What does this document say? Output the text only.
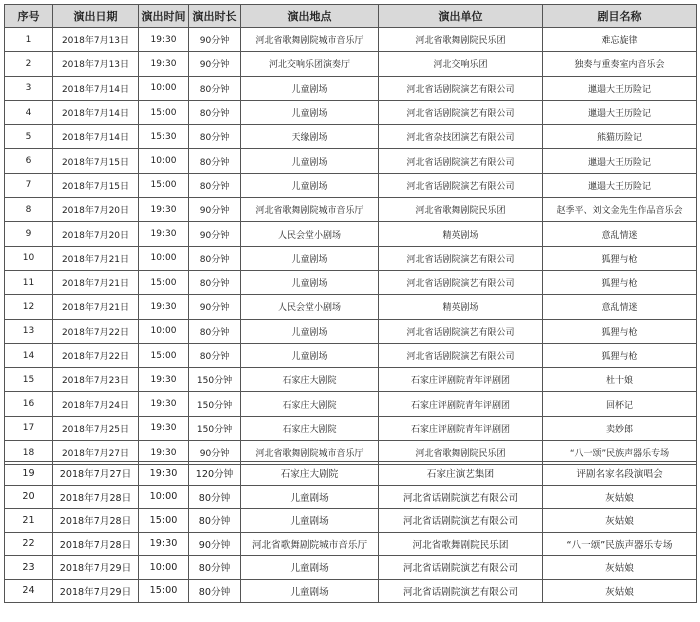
序号	演出日期	演出时间	演出时长	演出地点	演出单位	剧目名称
1	2018年7月13日	19:30	90分钟	河北省歌舞剧院城市音乐厅	河北省歌舞剧院民乐团	难忘旋律
2	2018年7月13日	19:30	90分钟	河北交响乐团演奏厅	河北交响乐团	独奏与重奏室内音乐会
3	2018年7月14日	10:00	80分钟	儿童剧场	河北省话剧院演艺有限公司	邋遢大王历险记
4	2018年7月14日	15:00	80分钟	儿童剧场	河北省话剧院演艺有限公司	邋遢大王历险记
5	2018年7月14日	15:30	80分钟	天缘剧场	河北省杂技团演艺有限公司	熊猫历险记
6	2018年7月15日	10:00	80分钟	儿童剧场	河北省话剧院演艺有限公司	邋遢大王历险记
7	2018年7月15日	15:00	80分钟	儿童剧场	河北省话剧院演艺有限公司	邋遢大王历险记
8	2018年7月20日	19:30	90分钟	河北省歌舞剧院城市音乐厅	河北省歌舞剧院民乐团	赵季平、刘文金先生作品音乐会
9	2018年7月20日	19:30	90分钟	人民会堂小剧场	精英剧场	意乱情迷
10	2018年7月21日	10:00	80分钟	儿童剧场	河北省话剧院演艺有限公司	狐狸与枪
11	2018年7月21日	15:00	80分钟	儿童剧场	河北省话剧院演艺有限公司	狐狸与枪
12	2018年7月21日	19:30	90分钟	人民会堂小剧场	精英剧场	意乱情迷
13	2018年7月22日	10:00	80分钟	儿童剧场	河北省话剧院演艺有限公司	狐狸与枪
14	2018年7月22日	15:00	80分钟	儿童剧场	河北省话剧院演艺有限公司	狐狸与枪
15	2018年7月23日	19:30	150分钟	石家庄大剧院	石家庄评剧院青年评剧团	杜十娘
16	2018年7月24日	19:30	150分钟	石家庄大剧院	石家庄评剧院青年评剧团	回杯记
17	2018年7月25日	19:30	150分钟	石家庄大剧院	石家庄评剧院青年评剧团	卖妙郎
18	2018年7月27日	19:30	90分钟	河北省歌舞剧院城市音乐厅	河北省歌舞剧院民乐团	“八一颂”民族声器乐专场
19	2018年7月27日	19:30	120分钟	石家庄大剧院	石家庄演艺集团	评剧名家名段演唱会
20	2018年7月28日	10:00	80分钟	儿童剧场	河北省话剧院演艺有限公司	灰姑娘
21	2018年7月28日	15:00	80分钟	儿童剧场	河北省话剧院演艺有限公司	灰姑娘
22	2018年7月28日	19:30	90分钟	河北省歌舞剧院城市音乐厅	河北省歌舞剧院民乐团	“八一颂”民族声器乐专场
23	2018年7月29日	10:00	80分钟	儿童剧场	河北省话剧院演艺有限公司	灰姑娘
24	2018年7月29日	15:00	80分钟	儿童剧场	河北省话剧院演艺有限公司	灰姑娘
